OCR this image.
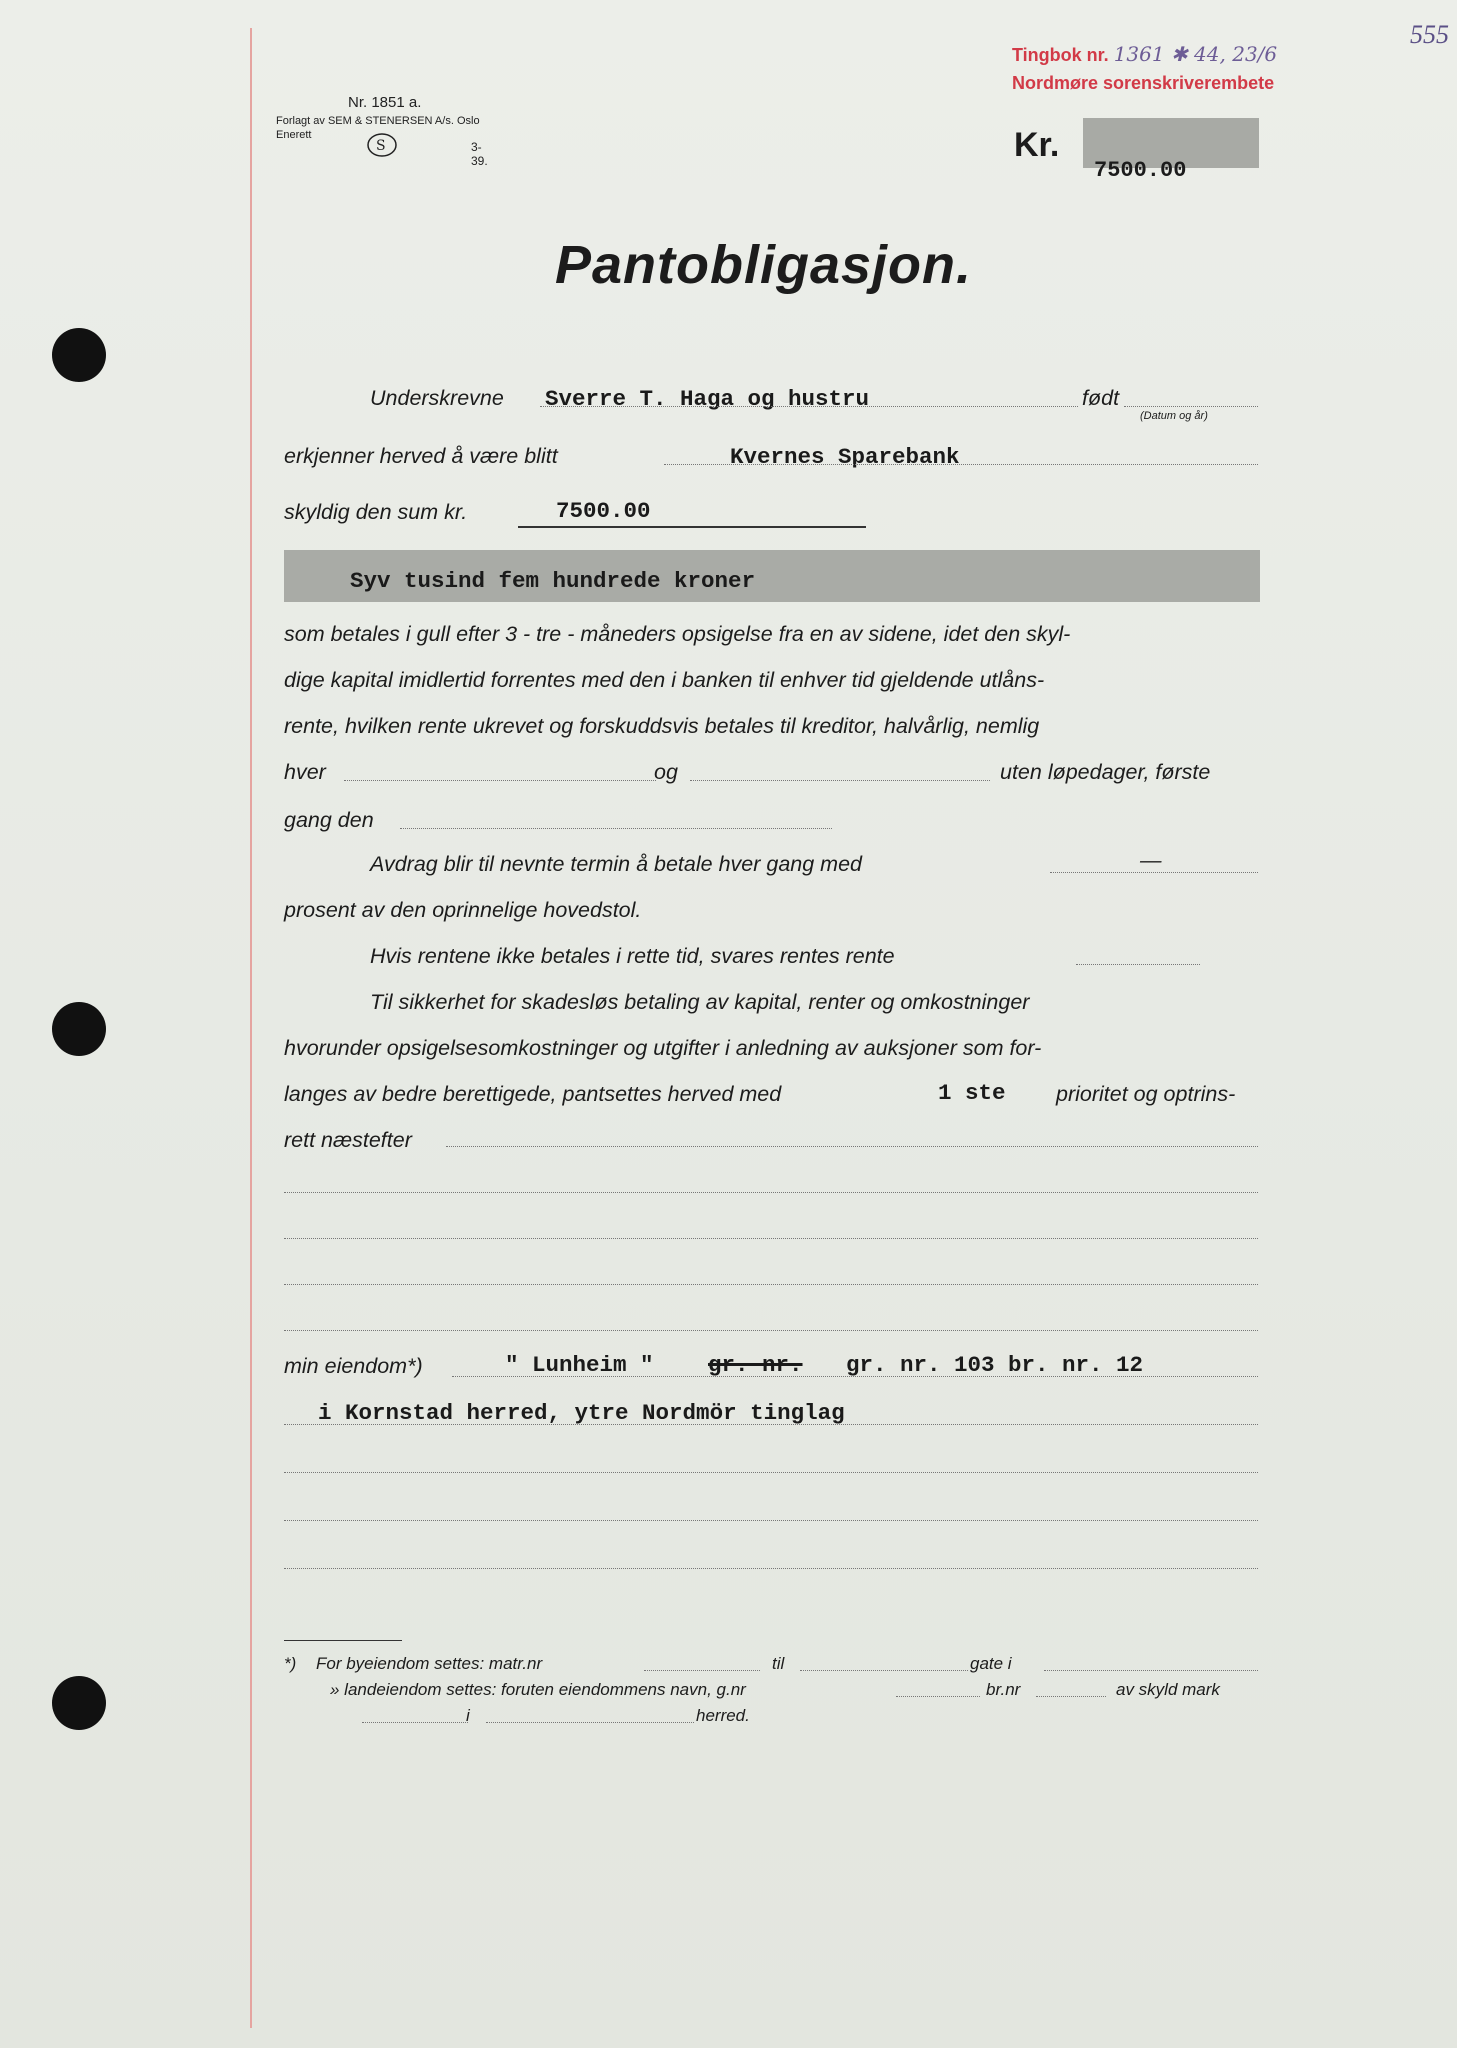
Tingbok nr. 1361 ✱ 44, 23/6
Nordmøre sorenskriverembete
555
Nr. 1851 a.
Forlagt av SEM & STENERSEN A/s. Oslo
Enerett
3-39.
S	Kr.
7500.00
Pantobligasjon.
Underskrevne Sverre T. Haga og hustru	født
(Datum og år)
erkjenner herved å være blitt	Kvernes Sparebank
skyldig den sum kr.	7500.00
Syv tusind fem hundrede kroner
som betales i gull efter 3 - tre - måneders opsigelse fra en av sidene, idet den skyl-
dige kapital imidlertid forrentes med den i banken til enhver tid gjeldende utlåns-
rente, hvilken rente ukrevet og forskuddsvis betales til kreditor, halvårlig, nemlig
hver	og	uten løpedager, første
gang den
Avdrag blir til nevnte termin å betale hver gang med	—
prosent av den oprinnelige hovedstol.
Hvis rentene ikke betales i rette tid, svares rentes rente
Til sikkerhet for skadesløs betaling av kapital, renter og omkostninger
hvorunder opsigelsesomkostninger og utgifter i anledning av auksjoner som for-
langes av bedre berettigede, pantsettes herved med	1 ste prioritet og optrins-
rett næstefter
min eiendom*)	" Lunheim " gr. nr. gr. nr. 103 br. nr. 12
i Kornstad herred, ytre Nordmör tinglag
*) For byeiendom settes: matr.nr	til	gate i
» landeiendom settes: foruten eiendommens navn, g.nr	br.nr	av skyld mark
i	herred.
